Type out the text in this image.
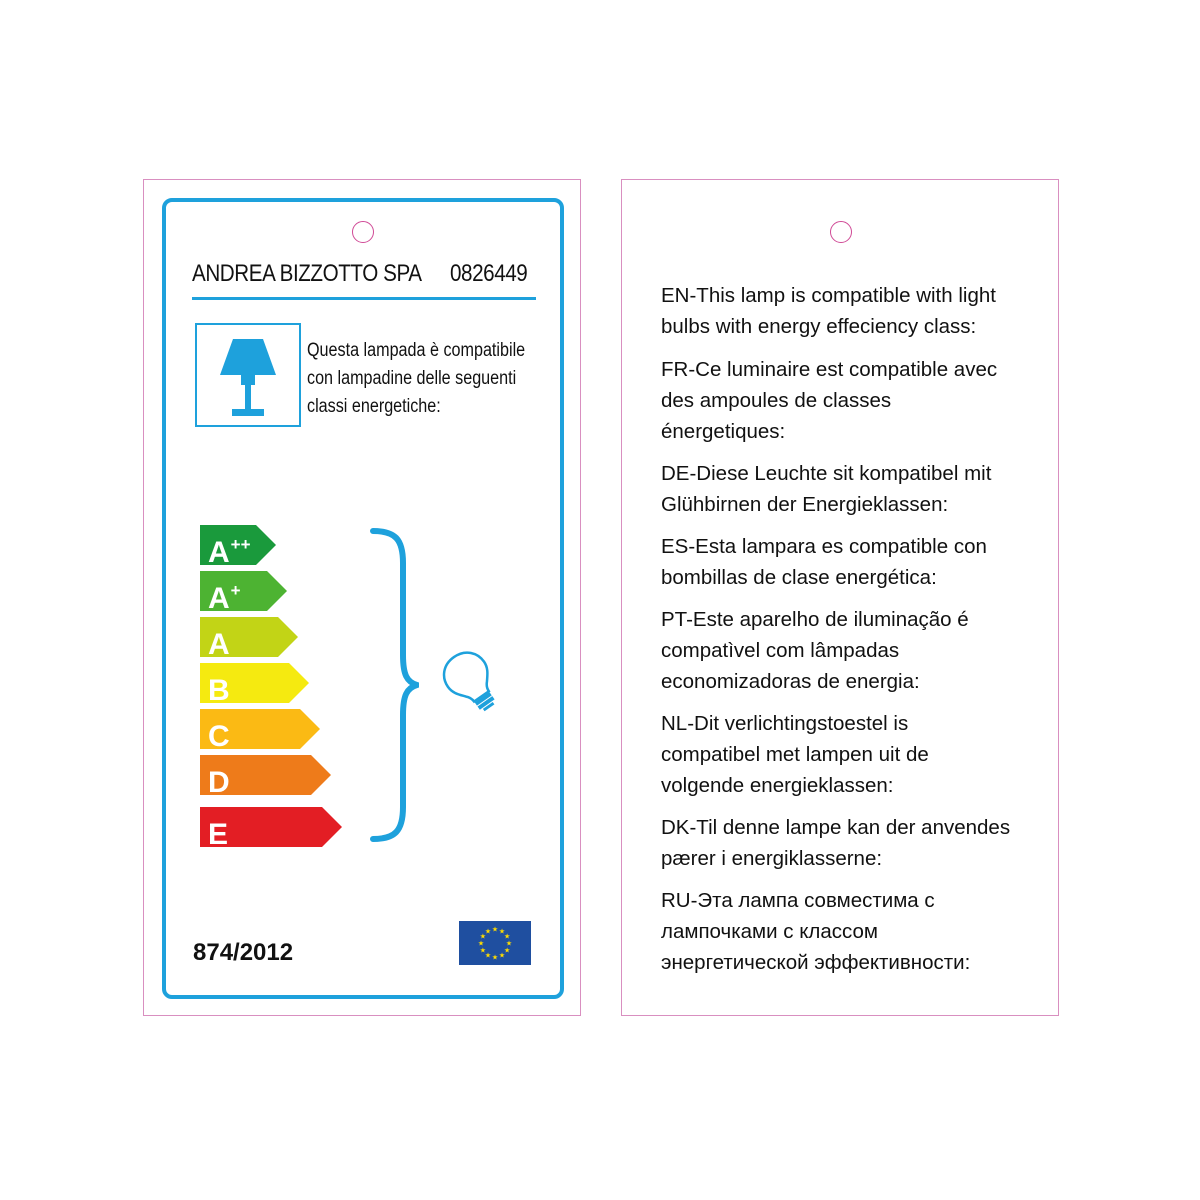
ANDREA BIZZOTTO SPA 0826449
Questa lampada è compatibile
con lampadine delle seguenti
classi energetiche:
A++
A+
A
B
C
D
E
874/2012
★ ★
★
★
★
★
★
★
★
★
★
★
EN-This lamp is compatible with light
bulbs with energy effeciency class:
FR-Ce luminaire est compatible avec
des ampoules de classes
énergetiques:
DE-Diese Leuchte sit kompatibel mit
Glühbirnen der Energieklassen:
ES-Esta lampara es compatible con
bombillas de clase energética:
PT-Este aparelho de iluminação é
compatìvel com lâmpadas
economizadoras de energia:
NL-Dit verlichtingstoestel is
compatibel met lampen uit de
volgende energieklassen:
DK-Til denne lampe kan der anvendes
pærer i energiklasserne:
RU-Эта лампа совместима с
лампочками с классом
энергетической эффективности:
